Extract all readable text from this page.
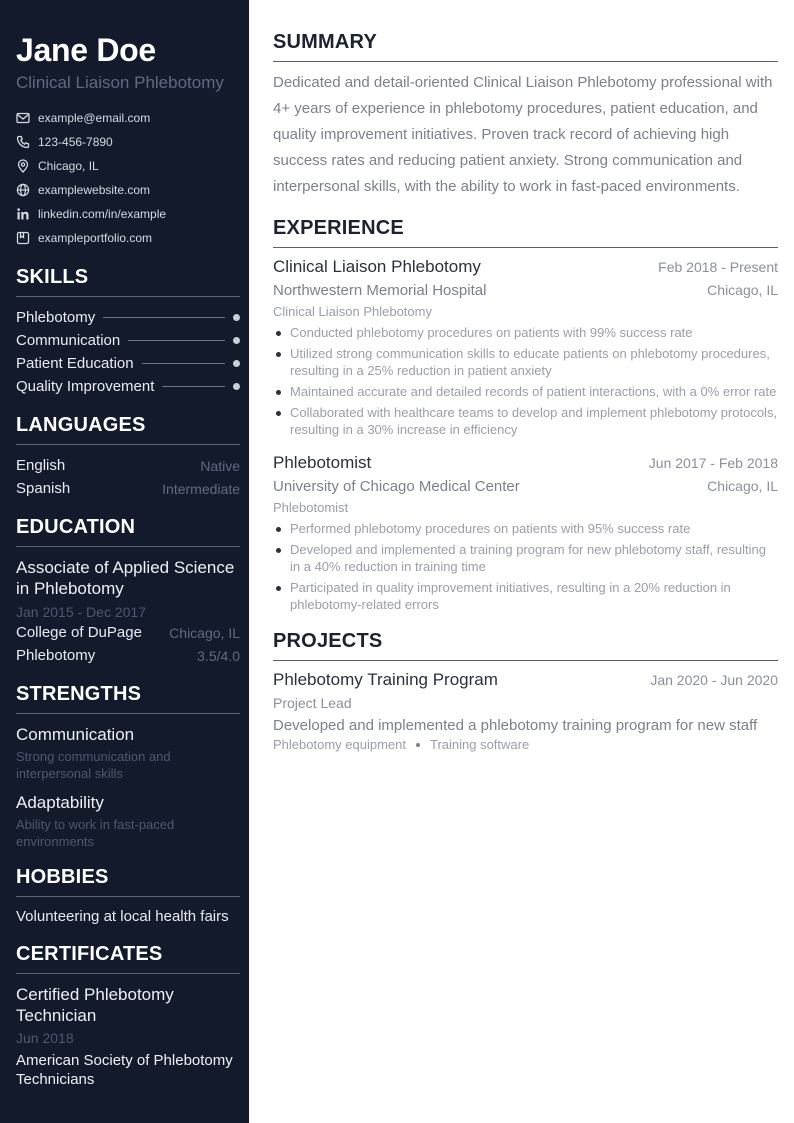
Jane Doe
Clinical Liaison Phlebotomy
example@email.com
123-456-7890
Chicago, IL
examplewebsite.com
linkedin.com/in/example
exampleportfolio.com
SKILLS
Phlebotomy
Communication
Patient Education
Quality Improvement
LANGUAGES
English	Native
Spanish	Intermediate
EDUCATION
Associate of Applied Science in Phlebotomy
Jan 2015 - Dec 2017
College of DuPage Chicago, IL
Phlebotomy	3.5/4.0
STRENGTHS
Communication
Strong communication and interpersonal skills
Adaptability
Ability to work in fast-paced environments
HOBBIES
Volunteering at local health fairs
CERTIFICATES
Certified Phlebotomy Technician
Jun 2018
American Society of Phlebotomy Technicians
SUMMARY

Dedicated and detail-oriented Clinical Liaison Phlebotomy professional with 4+ years of experience in phlebotomy procedures, patient education, and quality improvement initiatives. Proven track record of achieving high success rates and reducing patient anxiety. Strong communication and interpersonal skills, with the ability to work in fast-paced environments.

EXPERIENCE
Clinical Liaison Phlebotomy	Feb 2018 - Present
Northwestern Memorial Hospital	Chicago, IL
Clinical Liaison Phlebotomy
Conducted phlebotomy procedures on patients with 99% success rate
Utilized strong communication skills to educate patients on phlebotomy procedures, resulting in a 25% reduction in patient anxiety
Maintained accurate and detailed records of patient interactions, with a 0% error rate
Collaborated with healthcare teams to develop and implement phlebotomy protocols, resulting in a 30% increase in efficiency
Phlebotomist	Jun 2017 - Feb 2018
University of Chicago Medical Center	Chicago, IL
Phlebotomist
Performed phlebotomy procedures on patients with 95% success rate
Developed and implemented a training program for new phlebotomy staff, resulting in a 40% reduction in training time
Participated in quality improvement initiatives, resulting in a 20% reduction in phlebotomy-related errors
PROJECTS
Phlebotomy Training Program	Jan 2020 - Jun 2020
Project Lead
Developed and implemented a phlebotomy training program for new staff
Phlebotomy equipment Training software
